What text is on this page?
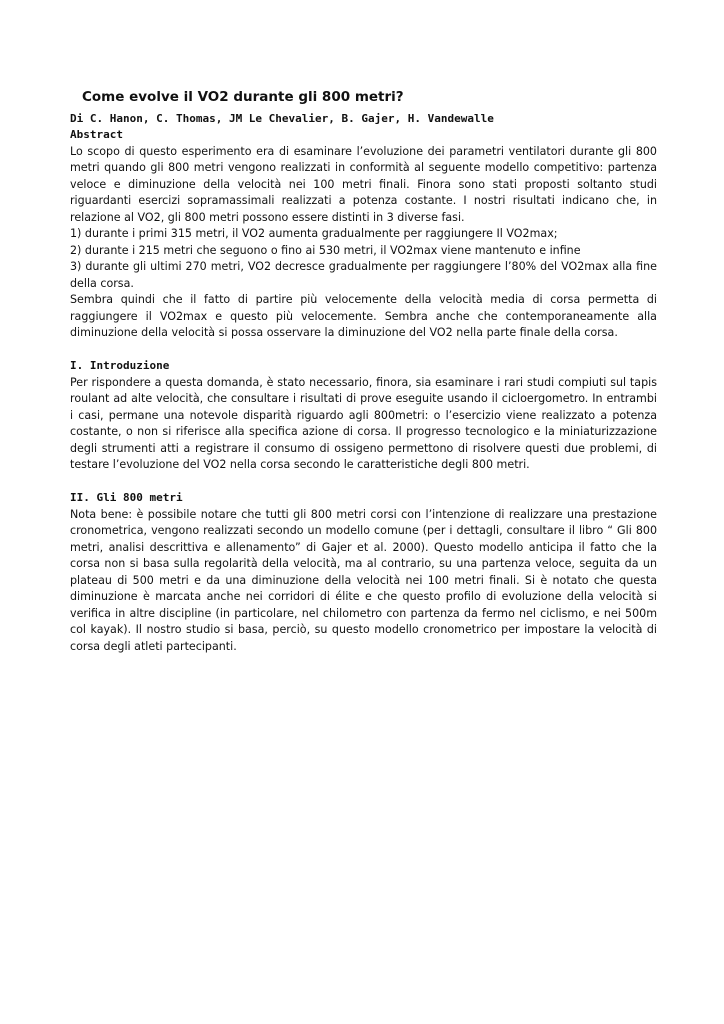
Come evolve il VO2 durante gli 800 metri?
Di C. Hanon, C. Thomas, JM Le Chevalier, B. Gajer, H. Vandewalle
Abstract

Lo scopo di questo esperimento era di esaminare l’evoluzione dei parametri ventilatori durante gli 800 metri quando gli 800 metri vengono realizzati in conformità al seguente modello competitivo: partenza veloce e diminuzione della velocità nei 100 metri finali. Finora sono stati proposti soltanto studi riguardanti esercizi sopramassimali realizzati a potenza costante. I nostri risultati indicano che, in relazione al VO2, gli 800 metri possono essere distinti in 3 diverse fasi.

1) durante i primi 315 metri, il VO2 aumenta gradualmente per raggiungere Il VO2max;

2) durante i 215 metri che seguono o fino ai 530 metri, il VO2max viene mantenuto e infine

3) durante gli ultimi 270 metri, VO2 decresce gradualmente per raggiungere l’80% del VO2max alla fine della corsa.

Sembra quindi che il fatto di partire più velocemente della velocità media di corsa permetta di raggiungere il VO2max e questo più velocemente. Sembra anche che contemporaneamente alla diminuzione della velocità si possa osservare la diminuzione del VO2 nella parte finale della corsa.

I. Introduzione

Per rispondere a questa domanda, è stato necessario, finora, sia esaminare i rari studi compiuti sul tapis roulant ad alte velocità, che consultare i risultati di prove eseguite usando il cicloergometro. In entrambi i casi, permane una notevole disparità riguardo agli 800metri: o l’esercizio viene realizzato a potenza costante, o non si riferisce alla specifica azione di corsa. Il progresso tecnologico e la miniaturizzazione degli strumenti atti a registrare il consumo di ossigeno permettono di risolvere questi due problemi, di testare l’evoluzione del VO2 nella corsa secondo le caratteristiche degli 800 metri.

II. Gli 800 metri

Nota bene: è possibile notare che tutti gli 800 metri corsi con l’intenzione di realizzare una prestazione cronometrica, vengono realizzati secondo un modello comune (per i dettagli, consultare il libro “ Gli 800 metri, analisi descrittiva e allenamento” di Gajer et al. 2000). Questo modello anticipa il fatto che la corsa non si basa sulla regolarità della velocità, ma al contrario, su una partenza veloce, seguita da un plateau di 500 metri e da una diminuzione della velocità nei 100 metri finali. Si è notato che questa diminuzione è marcata anche nei corridori di élite e che questo profilo di evoluzione della velocità si verifica in altre discipline (in particolare, nel chilometro con partenza da fermo nel ciclismo, e nei 500m col kayak). Il nostro studio si basa, perciò, su questo modello cronometrico per impostare la velocità di corsa degli atleti partecipanti.
